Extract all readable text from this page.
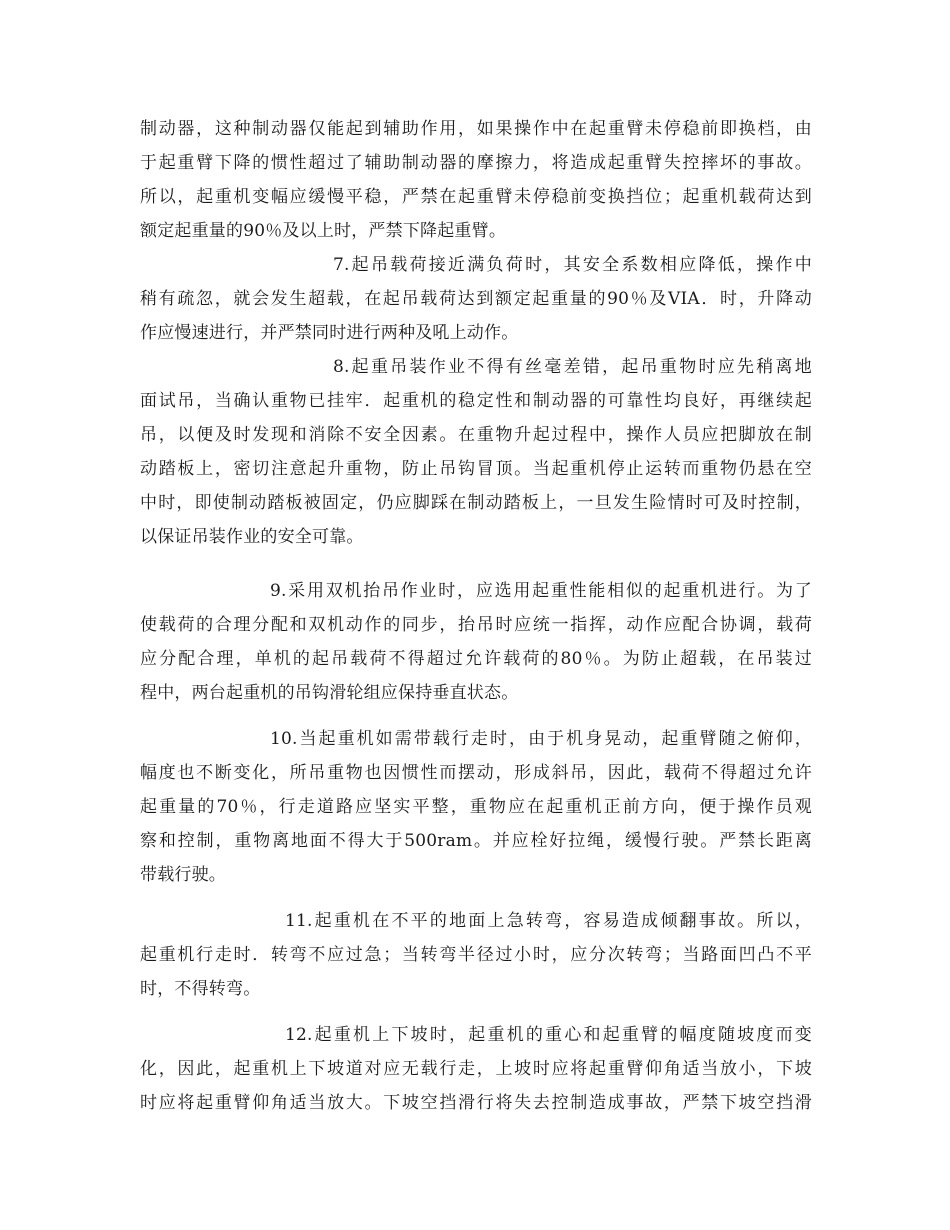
制动器，这种制动器仅能起到辅助作用，如果操作中在起重臂未停稳前即换档，由
于起重臂下降的惯性超过了辅助制动器的摩擦力，将造成起重臂失控摔坏的事故。
所以，起重机变幅应缓慢平稳，严禁在起重臂未停稳前变换挡位；起重机载荷达到
额定起重量的90％及以上时，严禁下降起重臂。
7.起吊载荷接近满负荷时，其安全系数相应降低，操作中
稍有疏忽，就会发生超载，在起吊载荷达到额定起重量的90％及VIA．时，升降动
作应慢速进行，并严禁同时进行两种及吼上动作。
8.起重吊装作业不得有丝毫差错，起吊重物时应先稍离地
面试吊，当确认重物已挂牢．起重机的稳定性和制动器的可靠性均良好，再继续起
吊，以便及时发现和消除不安全因素。在重物升起过程中，操作人员应把脚放在制
动踏板上，密切注意起升重物，防止吊钩冒顶。当起重机停止运转而重物仍悬在空
中时，即使制动踏板被固定，仍应脚踩在制动踏板上，一旦发生险情时可及时控制，
以保证吊装作业的安全可靠。
9.采用双机抬吊作业时，应选用起重性能相似的起重机进行。为了
使载荷的合理分配和双机动作的同步，抬吊时应统一指挥，动作应配合协调，载荷
应分配合理，单机的起吊载荷不得超过允许载荷的80％。为防止超载，在吊装过
程中，两台起重机的吊钩滑轮组应保持垂直状态。
10.当起重机如需带载行走时，由于机身晃动，起重臂随之俯仰，
幅度也不断变化，所吊重物也因惯性而摆动，形成斜吊，因此，载荷不得超过允许
起重量的70％，行走道路应坚实平整，重物应在起重机正前方向，便于操作员观
察和控制，重物离地面不得大于500ram。并应栓好拉绳，缓慢行驶。严禁长距离
带载行驶。
11.起重机在不平的地面上急转弯，容易造成倾翻事故。所以，
起重机行走时．转弯不应过急；当转弯半径过小时，应分次转弯；当路面凹凸不平
时，不得转弯。
12.起重机上下坡时，起重机的重心和起重臂的幅度随坡度而变
化，因此，起重机上下坡道对应无载行走，上坡时应将起重臂仰角适当放小，下坡
时应将起重臂仰角适当放大。下坡空挡滑行将失去控制造成事故，严禁下坡空挡滑
